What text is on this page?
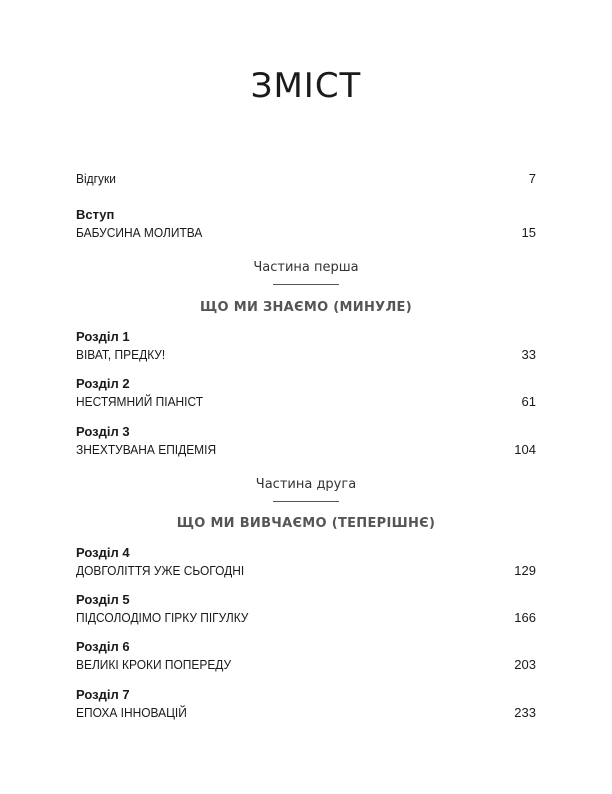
ЗМІСТ
Відгуки	7
Вступ
БАБУСИНА МОЛИТВА	15
Частина перша
ЩО МИ ЗНАЄМО (МИНУЛЕ)
Розділ 1
ВІВАТ, ПРЕДКУ!	33
Розділ 2
НЕСТЯМНИЙ ПІАНІСТ	61
Розділ 3
ЗНЕХТУВАНА ЕПІДЕМІЯ	104
Частина друга
ЩО МИ ВИВЧАЄМО (ТЕПЕРІШНЄ)
Розділ 4
ДОВГОЛІТТЯ УЖЕ СЬОГОДНІ	129
Розділ 5
ПІДСОЛОДІМО ГІРКУ ПІГУЛКУ	166
Розділ 6
ВЕЛИКІ КРОКИ ПОПЕРЕДУ	203
Розділ 7
ЕПОХА ІННОВАЦІЙ	233
